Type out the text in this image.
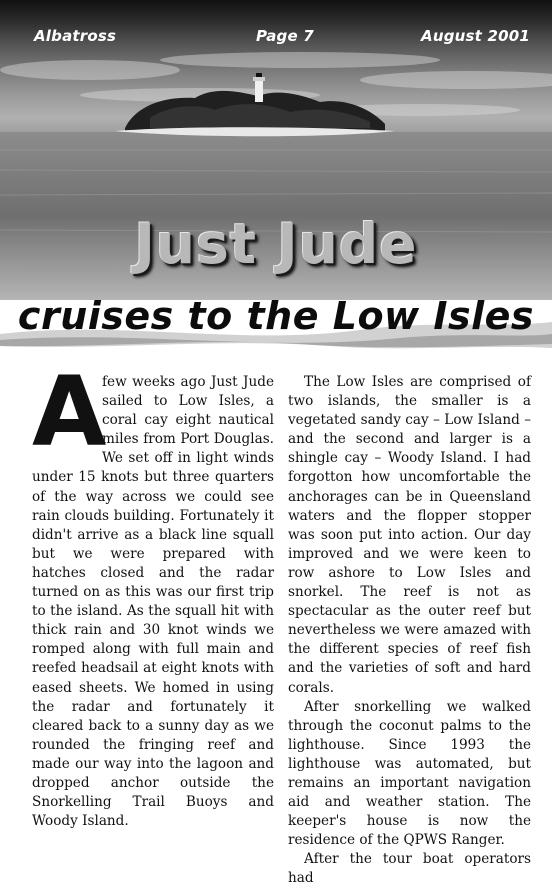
Albatross	Page 7	August 2001
Just Jude
cruises to the Low Isles
A

few weeks ago Just Jude sailed to Low Isles, a coral cay eight nautical miles from Port Douglas. We set off in light winds under 15 knots but three quarters of the way across we could see rain clouds building. Fortunately it didn't arrive as a black line squall but we were prepared with hatches closed and the radar turned on as this was our first trip to the island. As the squall hit with thick rain and 30 knot winds we romped along with full main and reefed headsail at eight knots with eased sheets. We homed in using the radar and fortunately it cleared back to a sunny day as we rounded the fringing reef and made our way into the lagoon and dropped anchor outside the Snorkelling Trail Buoys and Woody Island.

The Low Isles are comprised of two islands, the smaller is a vegetated sandy cay – Low Island – and the second and larger is a shingle cay – Woody Island. I had forgotton how uncomfortable the anchorages can be in Queensland waters and the flopper stopper was soon put into action. Our day improved and we were keen to row ashore to Low Isles and snorkel. The reef is not as spectacular as the outer reef but nevertheless we were amazed with the different species of reef fish and the varieties of soft and hard corals.

After snorkelling we walked through the coconut palms to the lighthouse. Since 1993 the lighthouse was automated, but remains an important navigation aid and weather station. The keeper's house is now the residence of the QPWS Ranger.

After the tour boat operators had
